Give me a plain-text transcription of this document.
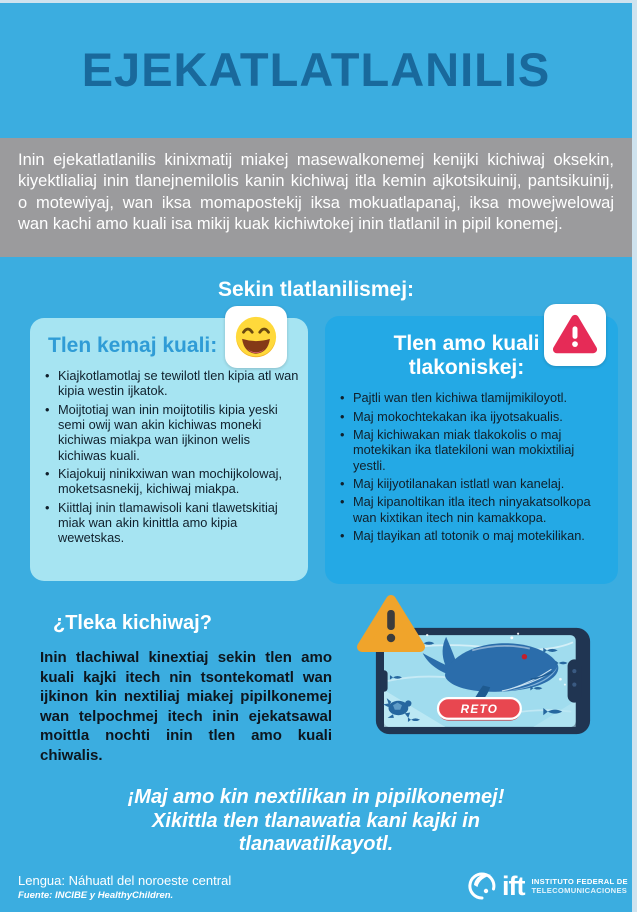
EJEKATLATLANILIS

Inin ejekatlatlanilis kinixmatij miakej masewalkonemej kenijki kichiwaj oksekin, kiyektlialiaj inin tlanejnemilolis kanin kichiwaj itla kemin ajkotsikuinij, pantsikuinij, o motewiyaj, wan iksa momapostekij iksa mokuatlapanaj, iksa mowejwelowaj wan kachi amo kuali isa mikij kuak kichiwtokej inin tlatlanil in pipil konemej.

Sekin tlatlanilismej:
Tlen kemaj kuali:
• Kiajkotlamotlaj se tewilotl tlen kipia atl wan kipia westin ijkatok.
• Moijtotiaj wan inin moijtotilis kipia yeski semi owij wan akin kichiwas moneki kichiwas miakpa wan ijkinon welis kichiwas kuali.
• Kiajokuij ninikxiwan wan mochijkolowaj, moketsasnekij, kichiwaj miakpa.
• Kiittlaj inin tlamawisoli kani tlawetskitiaj miak wan akin kinittla amo kipia wewetskas.
Tlen amo kuali tlakoniskej:
• Pajtli wan tlen kichiwa tlamijmikiloyotl.
• Maj mokochtekakan ika ijyotsakualis.
• Maj kichiwakan miak tlakokolis o maj motekikan ika tlatekiloni wan mokixtiliaj yestli.
• Maj kiijyotilanakan istlatl wan kanelaj.
• Maj kipanoltikan itla itech ninyakatsolkopa wan kixtikan itech nin kamakkopa.
• Maj tlayikan atl totonik o maj motekilikan.
¿Tleka kichiwaj?

Inin tlachiwal kinextiaj sekin tlen amo kuali kajki itech nin tsontekomatl wan ijkinon kin nextiliaj miakej pipilkonemej wan telpochmej itech inin ejekatsawal moittla nochti inin tlen amo kuali chiwalis.

RETO
¡Maj amo kin nextilikan in pipilkonemej!
Xikittla tlen tlanawatia kani kajki in tlanawatilkayotl.
Lengua: Náhuatl del noroeste central
Fuente: INCIBE y HealthyChildren.	ift INSTITUTO FEDERAL DE
TELECOMUNICACIONES
